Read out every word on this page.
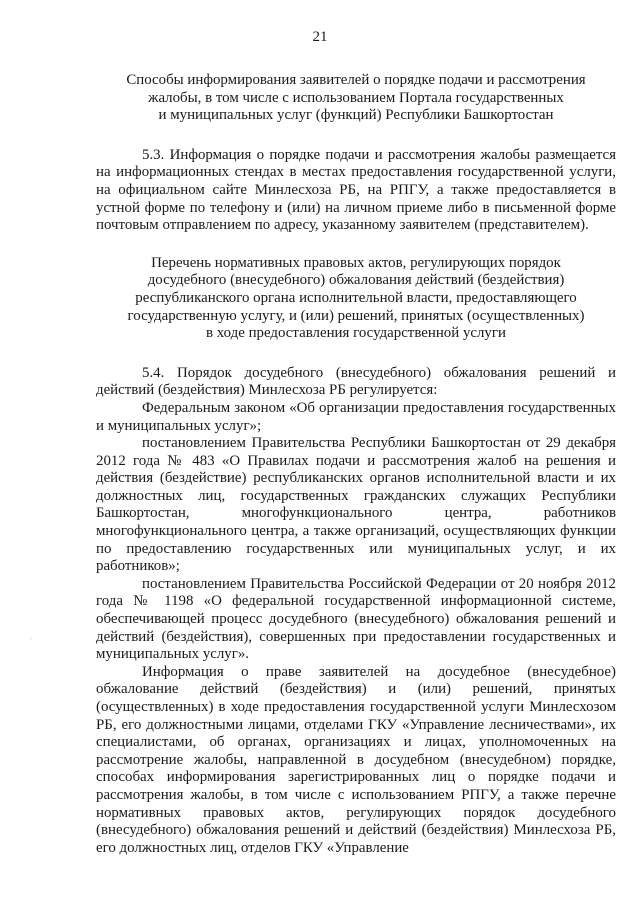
21
Способы информирования заявителей о порядке подачи и рассмотрения
жалобы, в том числе с использованием Портала государственных
и муниципальных услуг (функций) Республики Башкортостан

5.3. Информация о порядке подачи и рассмотрения жалобы размещается на информационных стендах в местах предоставления государственной услуги, на официальном сайте Минлесхоза РБ, на РПГУ, а также предоставляется в устной форме по телефону и (или) на личном приеме либо в письменной форме почтовым отправлением по адресу, указанному заявителем (представителем).

Перечень нормативных правовых актов, регулирующих порядок
досудебного (внесудебного) обжалования действий (бездействия)
республиканского органа исполнительной власти, предоставляющего
государственную услугу, и (или) решений, принятых (осуществленных)
в ходе предоставления государственной услуги

5.4. Порядок досудебного (внесудебного) обжалования решений и действий (бездействия) Минлесхоза РБ регулируется:

Федеральным законом «Об организации предоставления государственных и муниципальных услуг»;

постановлением Правительства Республики Башкортостан от 29 декабря 2012 года № 483 «О Правилах подачи и рассмотрения жалоб на решения и действия (бездействие) республиканских органов исполнительной власти и их должностных лиц, государственных гражданских служащих Республики Башкортостан, многофункционального центра, работников многофункционального центра, а также организаций, осуществляющих функции по предоставлению государственных или муниципальных услуг, и их работников»;

постановлением Правительства Российской Федерации от 20 ноября 2012 года № 1198 «О федеральной государственной информационной системе, обеспечивающей процесс досудебного (внесудебного) обжалования решений и действий (бездействия), совершенных при предоставлении государственных и муниципальных услуг».

Информация о праве заявителей на досудебное (внесудебное) обжалование действий (бездействия) и (или) решений, принятых (осуществленных) в ходе предоставления государственной услуги Минлесхозом РБ, его должностными лицами, отделами ГКУ «Управление лесничествами», их специалистами, об органах, организациях и лицах, уполномоченных на рассмотрение жалобы, направленной в досудебном (внесудебном) порядке, способах информирования зарегистрированных лиц о порядке подачи и рассмотрения жалобы, в том числе с использованием РПГУ, а также перечне нормативных правовых актов, регулирующих порядок досудебного (внесудебного) обжалования решений и действий (бездействия) Минлесхоза РБ, его должностных лиц, отделов ГКУ «Управление

'
